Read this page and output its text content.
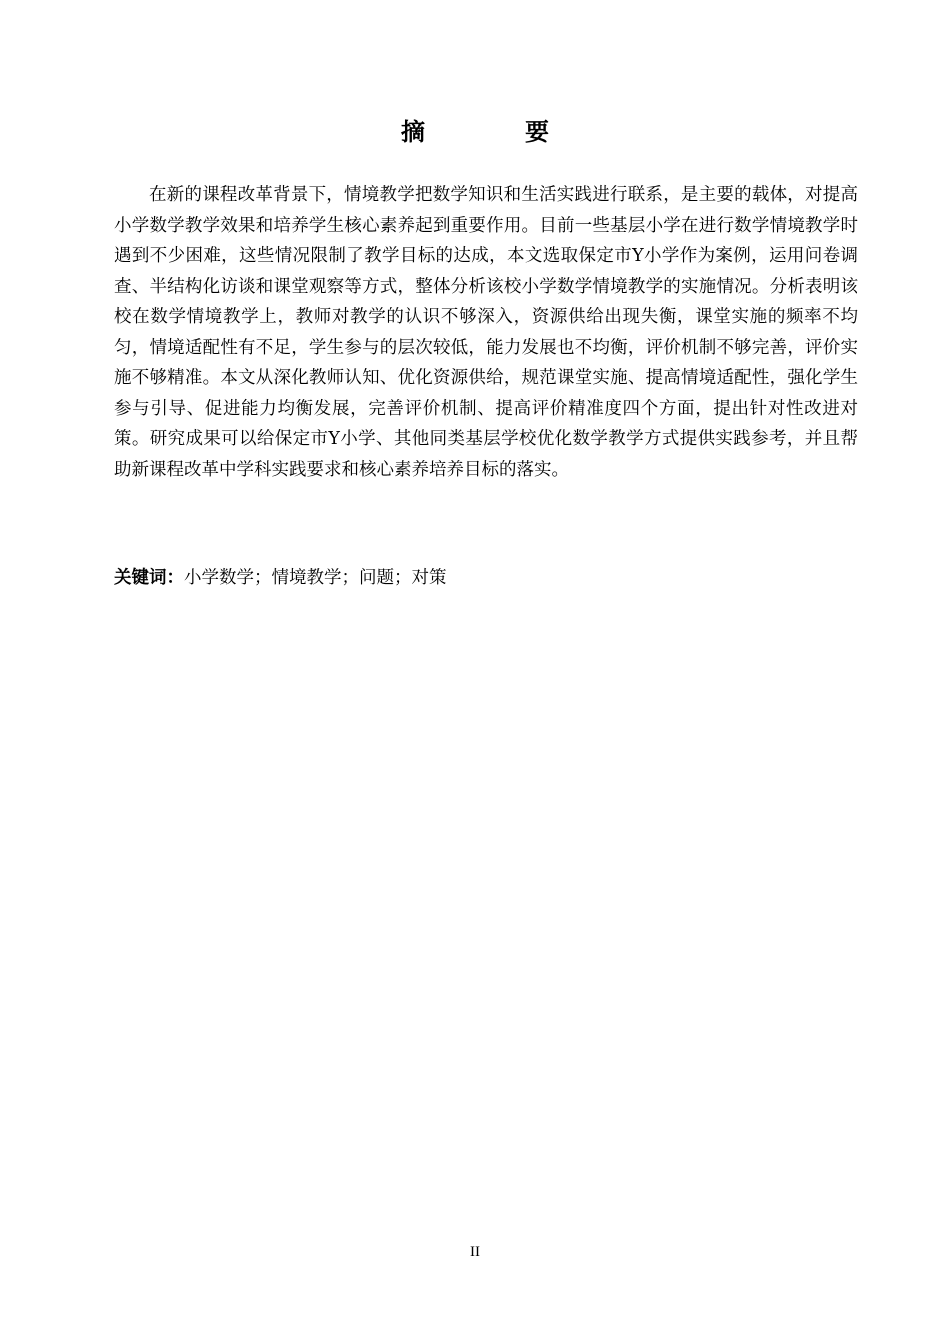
摘　要

在新的课程改革背景下，情境教学把数学知识和生活实践进行联系，是主要的载体，对提高小学数学教学效果和培养学生核心素养起到重要作用。目前一些基层小学在进行数学情境教学时遇到不少困难，这些情况限制了教学目标的达成，本文选取保定市Y小学作为案例，运用问卷调查、半结构化访谈和课堂观察等方式，整体分析该校小学数学情境教学的实施情况。分析表明该校在数学情境教学上，教师对教学的认识不够深入，资源供给出现失衡，课堂实施的频率不均匀，情境适配性有不足，学生参与的层次较低，能力发展也不均衡，评价机制不够完善，评价实施不够精准。本文从深化教师认知、优化资源供给，规范课堂实施、提高情境适配性，强化学生参与引导、促进能力均衡发展，完善评价机制、提高评价精准度四个方面，提出针对性改进对策。研究成果可以给保定市Y小学、其他同类基层学校优化数学教学方式提供实践参考，并且帮助新课程改革中学科实践要求和核心素养培养目标的落实。

关键词：小学数学；情境教学；问题；对策
II
